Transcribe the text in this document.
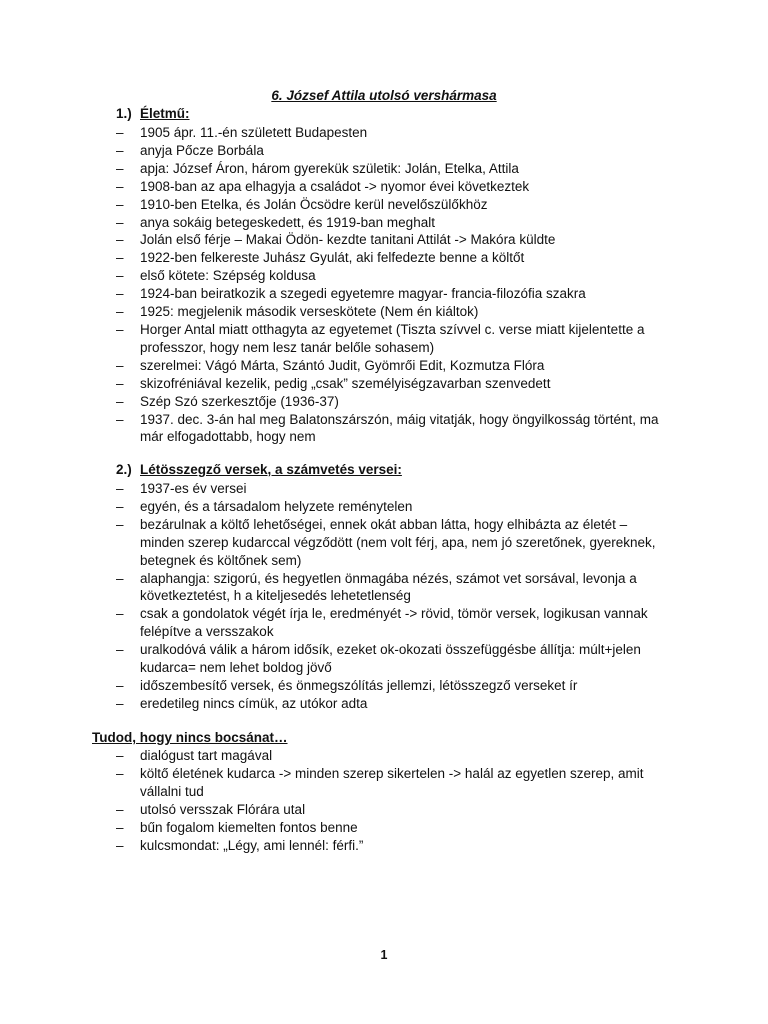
6. József Attila utolsó vershármasa
1.) Életmű:
– 1905 ápr. 11.-én született Budapesten
– anyja Pőcze Borbála
– apja: József Áron, három gyerekük születik: Jolán, Etelka, Attila
– 1908-ban az apa elhagyja a családot -> nyomor évei következtek
– 1910-ben Etelka, és Jolán Öcsödre kerül nevelőszülőkhöz
– anya sokáig betegeskedett, és 1919-ban meghalt
– Jolán első férje – Makai Ödön- kezdte tanitani Attilát -> Makóra küldte
– 1922-ben felkereste Juhász Gyulát, aki felfedezte benne a költőt
– első kötete: Szépség koldusa
– 1924-ban beiratkozik a szegedi egyetemre magyar- francia-filozófia szakra
– 1925: megjelenik második verseskötete (Nem én kiáltok)
– Horger Antal miatt otthagyta az egyetemet (Tiszta szívvel c. verse miatt kijelentette a professzor, hogy nem lesz tanár belőle sohasem)
– szerelmei: Vágó Márta, Szántó Judit, Gyömrői Edit, Kozmutza Flóra
– skizofréniával kezelik, pedig „csak” személyiségzavarban szenvedett
– Szép Szó szerkesztője (1936-37)
– 1937. dec. 3-án hal meg Balatonszárszón, máig vitatják, hogy öngyilkosság történt, ma már elfogadottabb, hogy nem
2.) Létösszegző versek, a számvetés versei:
– 1937-es év versei
– egyén, és a társadalom helyzete reménytelen
– bezárulnak a költő lehetőségei, ennek okát abban látta, hogy elhibázta az életét – minden szerep kudarccal végződött (nem volt férj, apa, nem jó szeretőnek, gyereknek, betegnek és költőnek sem)
– alaphangja: szigorú, és hegyetlen önmagába nézés, számot vet sorsával, levonja a következtetést, h a kiteljesedés lehetetlenség
– csak a gondolatok végét írja le, eredményét -> rövid, tömör versek, logikusan vannak felépítve a versszakok
– uralkodóvá válik a három idősík, ezeket ok-okozati összefüggésbe állítja: múlt+jelen kudarca= nem lehet boldog jövő
– időszembesítő versek, és önmegszólítás jellemzi, létösszegző verseket ír
– eredetileg nincs címük, az utókor adta
Tudod, hogy nincs bocsánat…
– dialógust tart magával
– költő életének kudarca -> minden szerep sikertelen -> halál az egyetlen szerep, amit vállalni tud
– utolsó versszak Flórára utal
– bűn fogalom kiemelten fontos benne
– kulcsmondat: „Légy, ami lennél: férfi.”
1
